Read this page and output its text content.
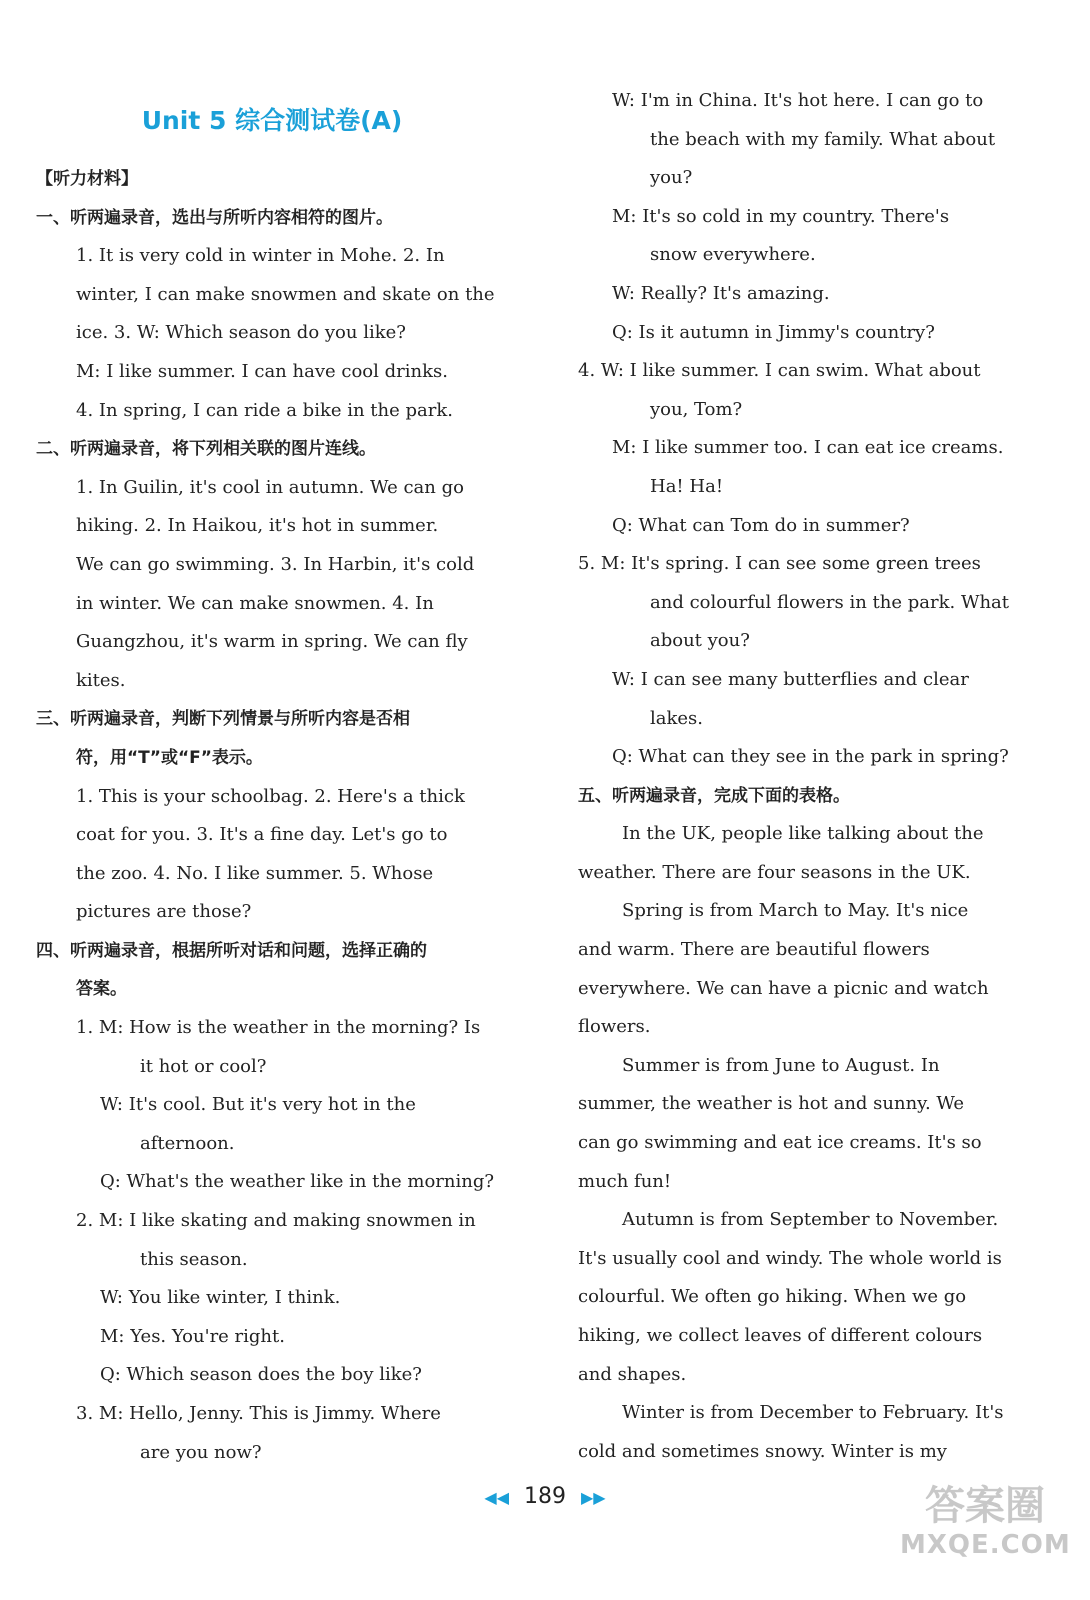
Unit 5 综合测试卷(A)
【听力材料】
一、听两遍录音，选出与所听内容相符的图片。
1. It is very cold in winter in Mohe. 2. In
winter, I can make snowmen and skate on the
ice. 3. W: Which season do you like?
M: I like summer. I can have cool drinks.
4. In spring, I can ride a bike in the park.
二、听两遍录音，将下列相关联的图片连线。
1. In Guilin, it's cool in autumn. We can go
hiking. 2. In Haikou, it's hot in summer.
We can go swimming. 3. In Harbin, it's cold
in winter. We can make snowmen. 4. In
Guangzhou, it's warm in spring. We can fly
kites.
三、听两遍录音，判断下列情景与所听内容是否相
符，用“T”或“F”表示。
1. This is your schoolbag. 2. Here's a thick
coat for you. 3. It's a fine day. Let's go to
the zoo. 4. No. I like summer. 5. Whose
pictures are those?
四、听两遍录音，根据所听对话和问题，选择正确的
答案。
1. M: How is the weather in the morning? Is
it hot or cool?
W: It's cool. But it's very hot in the
afternoon.
Q: What's the weather like in the morning?
2. M: I like skating and making snowmen in
this season.
W: You like winter, I think.
M: Yes. You're right.
Q: Which season does the boy like?
3. M: Hello, Jenny. This is Jimmy. Where
are you now?
W: I'm in China. It's hot here. I can go to
the beach with my family. What about
you?
M: It's so cold in my country. There's
snow everywhere.
W: Really? It's amazing.
Q: Is it autumn in Jimmy's country?
4. W: I like summer. I can swim. What about
you, Tom?
M: I like summer too. I can eat ice creams.
Ha! Ha!
Q: What can Tom do in summer?
5. M: It's spring. I can see some green trees
and colourful flowers in the park. What
about you?
W: I can see many butterflies and clear
lakes.
Q: What can they see in the park in spring?
五、听两遍录音，完成下面的表格。
In the UK, people like talking about the
weather. There are four seasons in the UK.
Spring is from March to May. It's nice
and warm. There are beautiful flowers
everywhere. We can have a picnic and watch
flowers.
Summer is from June to August. In
summer, the weather is hot and sunny. We
can go swimming and eat ice creams. It's so
much fun!
Autumn is from September to November.
It's usually cool and windy. The whole world is
colourful. We often go hiking. When we go
hiking, we collect leaves of different colours
and shapes.
Winter is from December to February. It's
cold and sometimes snowy. Winter is my
◀◀ 189 ▶▶	答案圈
MXQE.COM
